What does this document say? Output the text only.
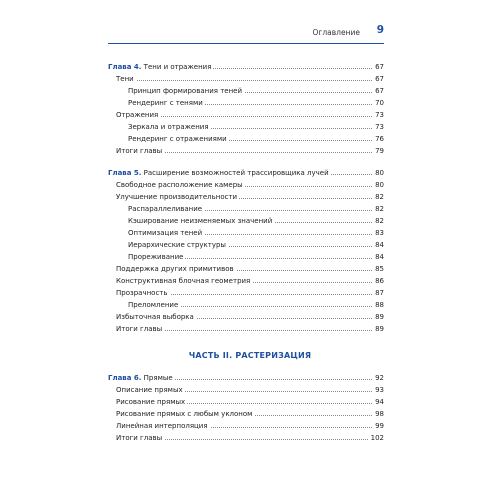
Оглавление 9
Глава 4. Тени и отражения	67
Тени	67
Принцип формирования теней	67
Рендеринг с тенями	70
Отражения	73
Зеркала и отражения	73
Рендеринг с отражениями	76
Итоги главы	79
Глава 5. Расширение возможностей трассировщика лучей	80
Свободное расположение камеры	80
Улучшение производительности	82
Распараллеливание	82
Кэширование неизменяемых значений	82
Оптимизация теней	83
Иерархические структуры	84
Прореживание	84
Поддержка других примитивов	85
Конструктивная блочная геометрия	86
Прозрачность	87
Преломление	88
Избыточная выборка	89
Итоги главы	89
ЧАСТЬ II. РАСТЕРИЗАЦИЯ
Глава 6. Прямые	92
Описание прямых	93
Рисование прямых	94
Рисование прямых с любым уклоном	98
Линейная интерполяция	99
Итоги главы	102
